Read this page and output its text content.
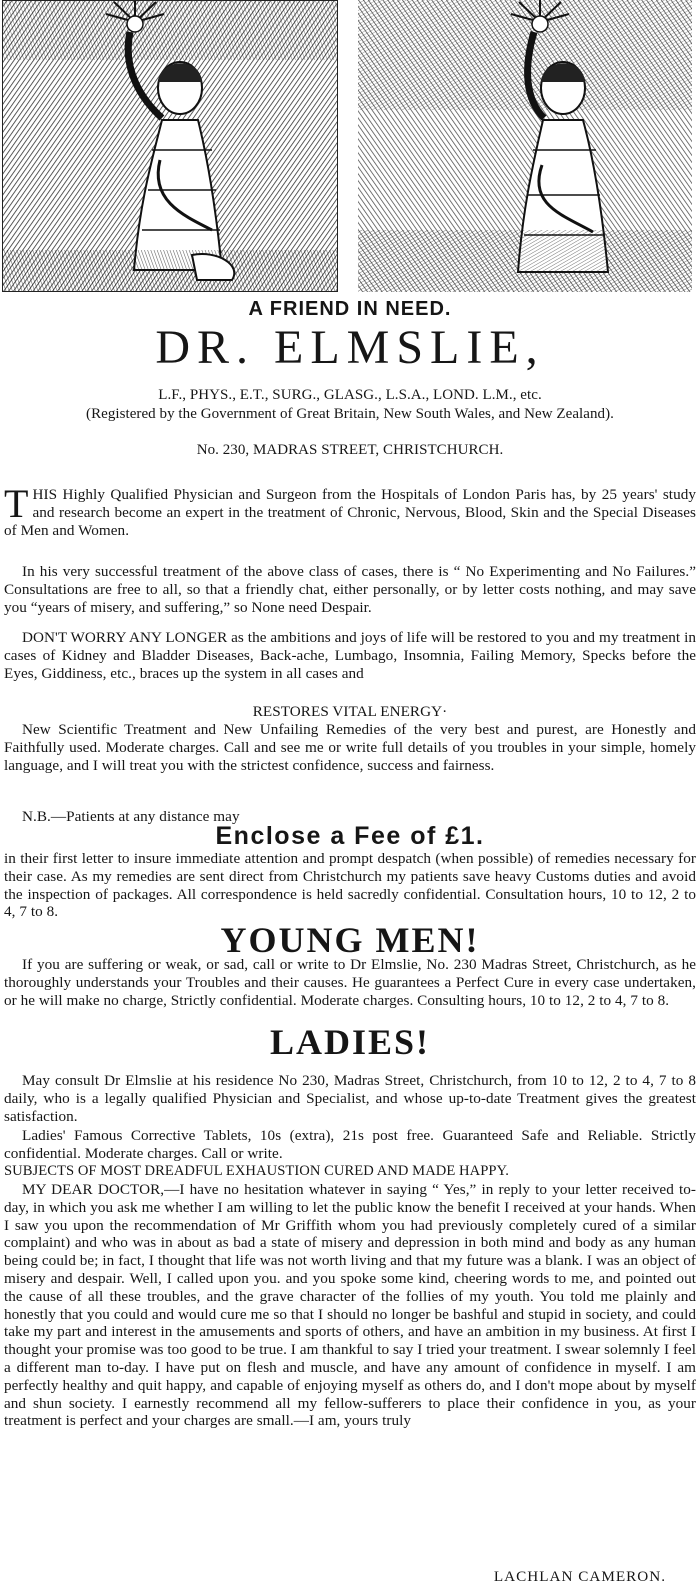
A FRIEND IN NEED.
DR. ELMSLIE,
L.F., PHYS., E.T., SURG., GLASG., L.S.A., LOND. L.M., etc.
(Registered by the Government of Great Britain, New South Wales, and New Zealand).
No. 230, MADRAS STREET, CHRISTCHURCH.
THIS Highly Qualified Physician and Surgeon from the Hospitals of London Paris has, by 25 years' study and research become an expert in the treatment of Chronic, Nervous, Blood, Skin and the Special Diseases of Men and Women.

In his very successful treatment of the above class of cases, there is “ No Experimenting and No Failures.” Consultations are free to all, so that a friendly chat, either personally, or by letter costs nothing, and may save you “years of misery, and suffering,” so None need Despair.

DON'T WORRY ANY LONGER as the ambitions and joys of life will be restored to you and my treatment in cases of Kidney and Bladder Diseases, Back-ache, Lumbago, Insomnia, Failing Memory, Specks before the Eyes, Giddiness, etc., braces up the system in all cases and

RESTORES VITAL ENERGY·

New Scientific Treatment and New Unfailing Remedies of the very best and purest, are Honestly and Faithfully used. Moderate charges. Call and see me or write full details of you troubles in your simple, homely language, and I will treat you with the strictest confidence, success and fairness.

N.B.—Patients at any distance may

Enclose a Fee of £1.

in their first letter to insure immediate attention and prompt despatch (when possible) of remedies necessary for their case. As my remedies are sent direct from Christchurch my patients save heavy Customs duties and avoid the inspection of packages. All correspondence is held sacredly confidential. Consultation hours, 10 to 12, 2 to 4, 7 to 8.

YOUNG MEN!

If you are suffering or weak, or sad, call or write to Dr Elmslie, No. 230 Madras Street, Christchurch, as he thoroughly understands your Troubles and their causes. He guarantees a Perfect Cure in every case undertaken, or he will make no charge, Strictly confidential. Moderate charges. Consulting hours, 10 to 12, 2 to 4, 7 to 8.

LADIES!

May consult Dr Elmslie at his residence No 230, Madras Street, Christchurch, from 10 to 12, 2 to 4, 7 to 8 daily, who is a legally qualified Physician and Specialist, and whose up-to-date Treatment gives the greatest satisfaction.

Ladies' Famous Corrective Tablets, 10s (extra), 21s post free. Guaranteed Safe and Reliable. Strictly confidential. Moderate charges. Call or write.

SUBJECTS OF MOST DREADFUL EXHAUSTION CURED AND MADE HAPPY.

MY DEAR DOCTOR,—I have no hesitation whatever in saying “ Yes,” in reply to your letter received to-day, in which you ask me whether I am willing to let the public know the benefit I received at your hands. When I saw you upon the recommendation of Mr Griffith whom you had previously completely cured of a similar complaint) and who was in about as bad a state of misery and depression in both mind and body as any human being could be; in fact, I thought that life was not worth living and that my future was a blank. I was an object of misery and despair. Well, I called upon you. and you spoke some kind, cheering words to me, and pointed out the cause of all these troubles, and the grave character of the follies of my youth. You told me plainly and honestly that you could and would cure me so that I should no longer be bashful and stupid in society, and could take my part and interest in the amusements and sports of others, and have an ambition in my business. At first I thought your promise was too good to be true. I am thankful to say I tried your treatment. I swear solemnly I feel a different man to-day. I have put on flesh and muscle, and have any amount of confidence in myself. I am perfectly healthy and quit happy, and capable of enjoying myself as others do, and I don't mope about by myself and shun society. I earnestly recommend all my fellow-sufferers to place their confidence in you, as your treatment is perfect and your charges are small.—I am, yours truly

LACHLAN CAMERON.
